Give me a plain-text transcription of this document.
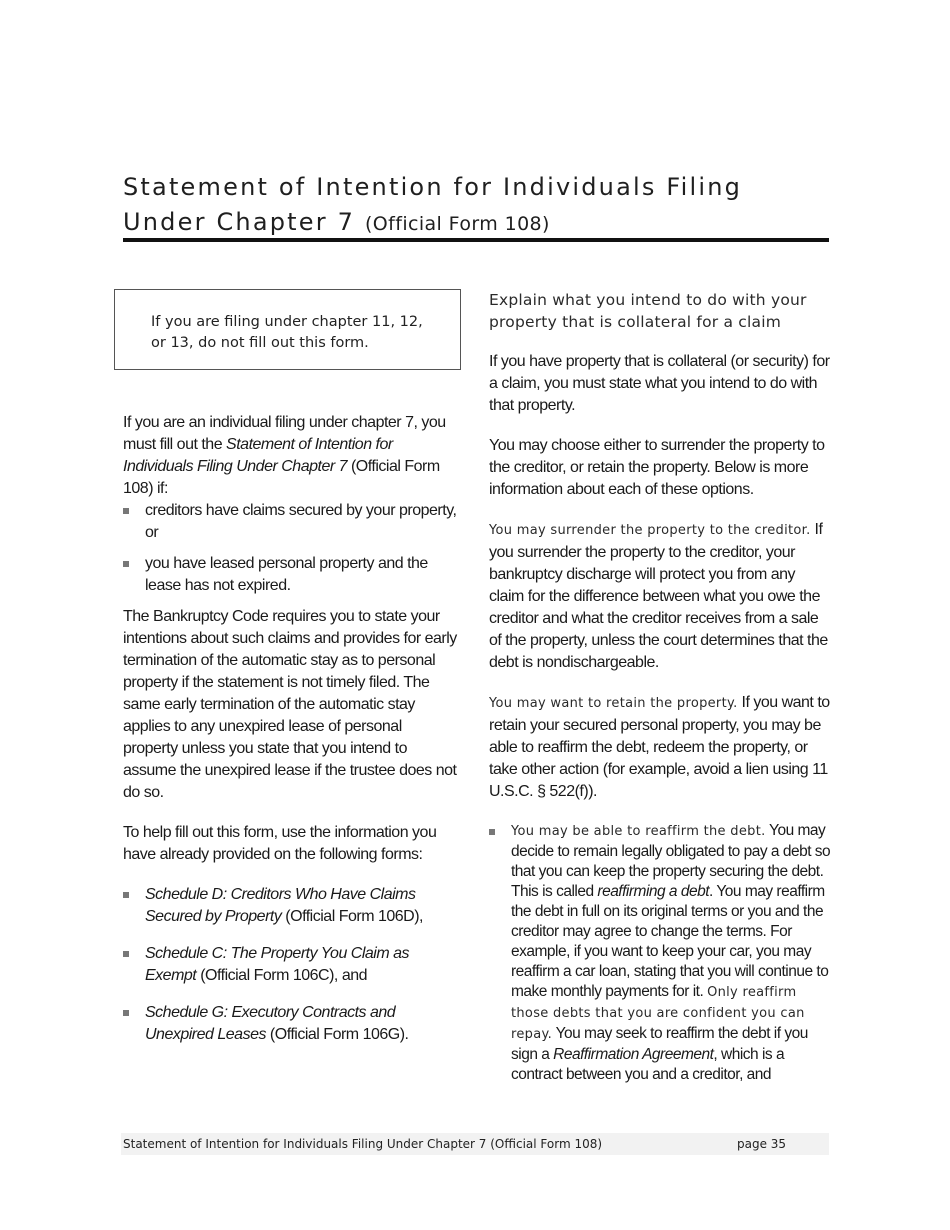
Statement of Intention for Individuals Filing Under Chapter 7 (Official Form 108)
If you are filing under chapter 11, 12, or 13, do not fill out this form.

If you are an individual filing under chapter 7, you must fill out the Statement of Intention for Individuals Filing Under Chapter 7 (Official Form 108) if:

creditors have claims secured by your property, or
you have leased personal property and the lease has not expired.

The Bankruptcy Code requires you to state your intentions about such claims and provides for early termination of the automatic stay as to personal property if the statement is not timely filed. The same early termination of the automatic stay applies to any unexpired lease of personal property unless you state that you intend to assume the unexpired lease if the trustee does not do so.

To help fill out this form, use the information you have already provided on the following forms:

Schedule D: Creditors Who Have Claims Secured by Property (Official Form 106D),
Schedule C: The Property You Claim as Exempt (Official Form 106C), and
Schedule G: Executory Contracts and Unexpired Leases (Official Form 106G).

Explain what you intend to do with your property that is collateral for a claim

If you have property that is collateral (or security) for a claim, you must state what you intend to do with that property.

You may choose either to surrender the property to the creditor, or retain the property. Below is more information about each of these options.

You may surrender the property to the creditor. If you surrender the property to the creditor, your bankruptcy discharge will protect you from any claim for the difference between what you owe the creditor and what the creditor receives from a sale of the property, unless the court determines that the debt is nondischargeable.

You may want to retain the property. If you want to retain your secured personal property, you may be able to reaffirm the debt, redeem the property, or take other action (for example, avoid a lien using 11 U.S.C. § 522(f)).

You may be able to reaffirm the debt. You may decide to remain legally obligated to pay a debt so that you can keep the property securing the debt. This is called reaffirming a debt. You may reaffirm the debt in full on its original terms or you and the creditor may agree to change the terms. For example, if you want to keep your car, you may reaffirm a car loan, stating that you will continue to make monthly payments for it. Only reaffirm those debts that you are confident you can repay. You may seek to reaffirm the debt if you sign a Reaffirmation Agreement, which is a contract between you and a creditor, and
Statement of Intention for Individuals Filing Under Chapter 7 (Official Form 108)	page 35
